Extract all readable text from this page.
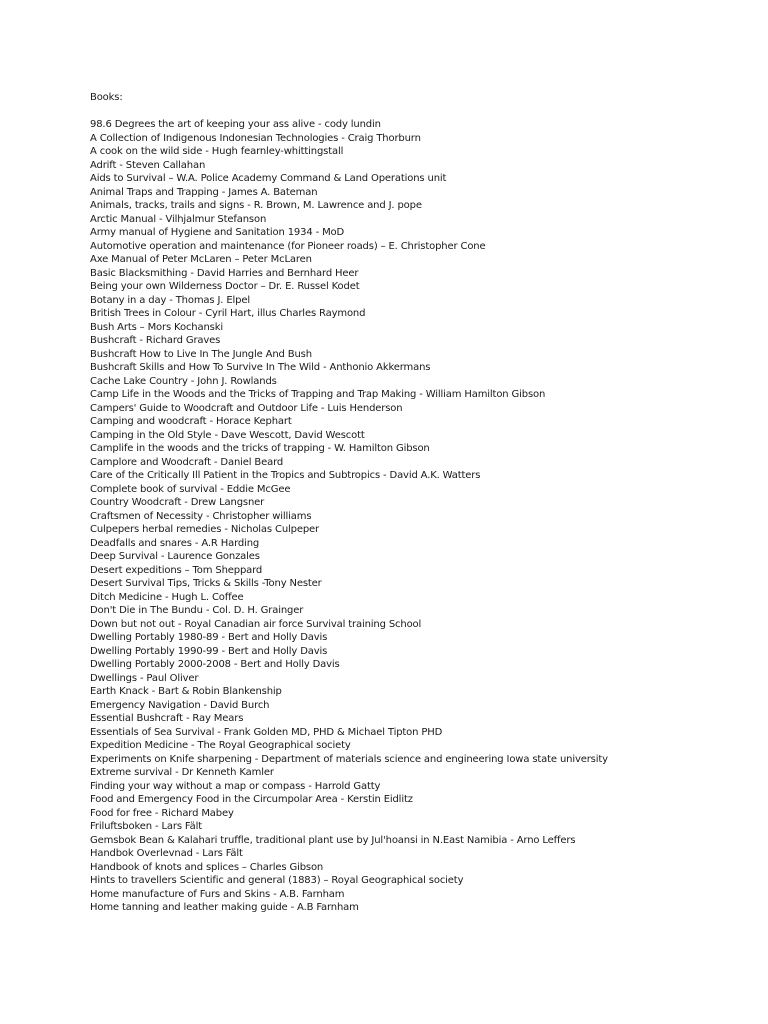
Books:
98.6 Degrees the art of keeping your ass alive - cody lundin
A Collection of Indigenous Indonesian Technologies - Craig Thorburn
A cook on the wild side - Hugh fearnley-whittingstall
Adrift - Steven Callahan
Aids to Survival – W.A. Police Academy Command & Land Operations unit
Animal Traps and Trapping - James A. Bateman
Animals, tracks, trails and signs - R. Brown, M. Lawrence and J. pope
Arctic Manual - Vilhjalmur Stefanson
Army manual of Hygiene and Sanitation 1934 - MoD
Automotive operation and maintenance (for Pioneer roads) – E. Christopher Cone
Axe Manual of Peter McLaren – Peter McLaren
Basic Blacksmithing - David Harries and Bernhard Heer
Being your own Wilderness Doctor – Dr. E. Russel Kodet
Botany in a day - Thomas J. Elpel
British Trees in Colour - Cyril Hart, illus Charles Raymond
Bush Arts – Mors Kochanski
Bushcraft - Richard Graves
Bushcraft How to Live In The Jungle And Bush
Bushcraft Skills and How To Survive In The Wild - Anthonio Akkermans
Cache Lake Country - John J. Rowlands
Camp Life in the Woods and the Tricks of Trapping and Trap Making - William Hamilton Gibson
Campers' Guide to Woodcraft and Outdoor Life - Luis Henderson
Camping and woodcraft - Horace Kephart
Camping in the Old Style - Dave Wescott, David Wescott
Camplife in the woods and the tricks of trapping - W. Hamilton Gibson
Camplore and Woodcraft - Daniel Beard
Care of the Critically Ill Patient in the Tropics and Subtropics - David A.K. Watters
Complete book of survival - Eddie McGee
Country Woodcraft - Drew Langsner
Craftsmen of Necessity - Christopher williams
Culpepers herbal remedies - Nicholas Culpeper
Deadfalls and snares - A.R Harding
Deep Survival - Laurence Gonzales
Desert expeditions – Tom Sheppard
Desert Survival Tips, Tricks & Skills -Tony Nester
Ditch Medicine - Hugh L. Coffee
Don't Die in The Bundu - Col. D. H. Grainger
Down but not out - Royal Canadian air force Survival training School
Dwelling Portably 1980-89 - Bert and Holly Davis
Dwelling Portably 1990-99 - Bert and Holly Davis
Dwelling Portably 2000-2008 - Bert and Holly Davis
Dwellings - Paul Oliver
Earth Knack - Bart & Robin Blankenship
Emergency Navigation - David Burch
Essential Bushcraft - Ray Mears
Essentials of Sea Survival - Frank Golden MD, PHD & Michael Tipton PHD
Expedition Medicine - The Royal Geographical society
Experiments on Knife sharpening - Department of materials science and engineering Iowa state university
Extreme survival - Dr Kenneth Kamler
Finding your way without a map or compass - Harrold Gatty
Food and Emergency Food in the Circumpolar Area - Kerstin Eidlitz
Food for free - Richard Mabey
Friluftsboken - Lars Fält
Gemsbok Bean & Kalahari truffle, traditional plant use by Jul'hoansi in N.East Namibia - Arno Leffers
Handbok Overlevnad - Lars Fält
Handbook of knots and splices – Charles Gibson
Hints to travellers Scientific and general (1883) – Royal Geographical society
Home manufacture of Furs and Skins - A.B. Farnham
Home tanning and leather making guide - A.B Farnham
